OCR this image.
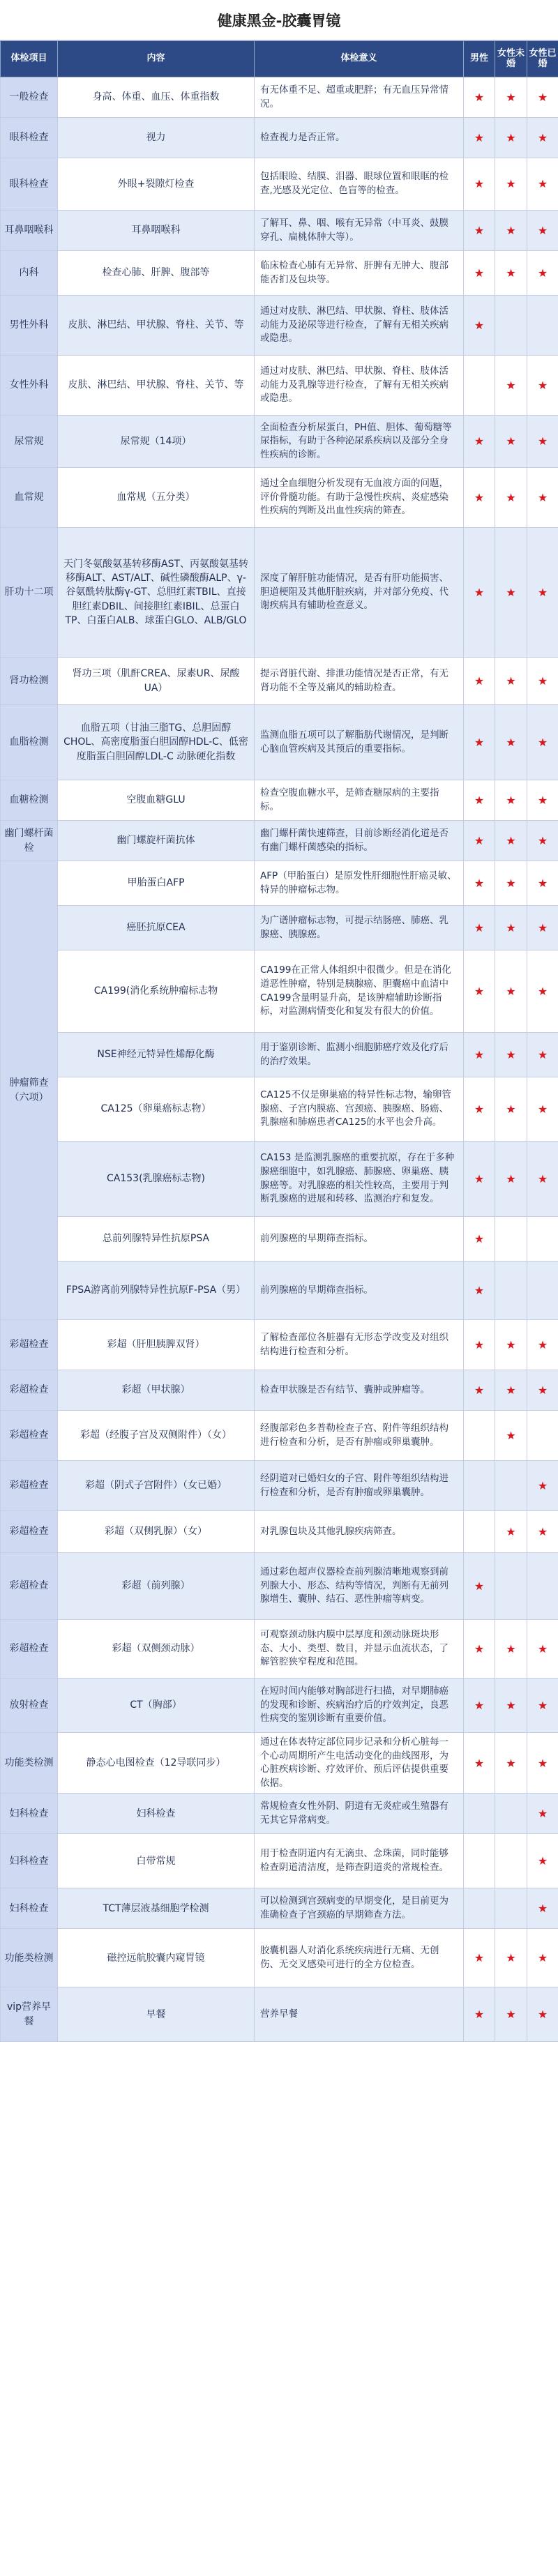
健康黑金-胶囊胃镜
体检项目	内容	体检意义	男性	女性未婚	女性已婚
一般检查	身高、体重、血压、体重指数	有无体重不足、超重或肥胖；有无血压异常情况。	★	★	★
眼科检查	视力	检查视力是否正常。	★	★	★
眼科检查	外眼+裂隙灯检查	包括眼睑、结膜、泪器、眼球位置和眼眶的检查,光感及光定位、色盲等的检查。	★	★	★
耳鼻咽喉科	耳鼻咽喉科	了解耳、鼻、咽、喉有无异常（中耳炎、鼓膜穿孔、扁桃体肿大等）。	★	★	★
内科	检查心肺、肝脾、腹部等	临床检查心肺有无异常、肝脾有无肿大、腹部能否扪及包块等。	★	★	★
男性外科	皮肤、淋巴结、甲状腺、脊柱、关节、等	通过对皮肤、淋巴结、甲状腺、脊柱、肢体活动能力及泌尿等进行检查，了解有无相关疾病或隐患。	★		
女性外科	皮肤、淋巴结、甲状腺、脊柱、关节、等	通过对皮肤、淋巴结、甲状腺、脊柱、肢体活动能力及乳腺等进行检查，了解有无相关疾病或隐患。		★	★
尿常规	尿常规（14项）	全面检查分析尿蛋白，PH值、胆体、葡萄糖等尿指标，有助于各种泌尿系疾病以及部分全身性疾病的诊断。	★	★	★
血常规	血常规（五分类）	通过全血细胞分析发现有无血液方面的问题，评价骨髓功能。有助于急慢性疾病、炎症感染性疾病的判断及出血性疾病的筛查。	★	★	★
肝功十二项	天门冬氨酸氨基转移酶AST、丙氨酸氨基转移酶ALT、AST/ALT、碱性磷酸酶ALP、γ-谷氨酰转肽酶γ-GT、总胆红素TBIL、直接胆红素DBIL、间接胆红素IBIL、总蛋白TP、白蛋白ALB、球蛋白GLO、ALB/GLO	深度了解肝脏功能情况，是否有肝功能损害、胆道梗阻及其他肝脏疾病，并对部分免疫、代谢疾病具有辅助检查意义。	★	★	★
肾功检测	肾功三项（肌酐CREA、尿素UR、尿酸UA）	提示肾脏代谢、排泄功能情况是否正常，有无肾功能不全等及痛风的辅助检查。	★	★	★
血脂检测	血脂五项（甘油三脂TG、总胆固醇CHOL、高密度脂蛋白胆固醇HDL-C、低密度脂蛋白胆固醇LDL-C 动脉硬化指数	监测血脂五项可以了解脂肪代谢情况，是判断心脑血管疾病及其预后的重要指标。	★	★	★
血糖检测	空腹血糖GLU	检查空腹血糖水平，是筛查糖尿病的主要指标。	★	★	★
幽门螺杆菌检	幽门螺旋杆菌抗体	幽门螺杆菌快速筛查，目前诊断经消化道是否有幽门螺杆菌感染的指标。	★	★	★
肿瘤筛查
（六项）	甲胎蛋白AFP	AFP（甲胎蛋白）是原发性肝细胞性肝癌灵敏、特异的肿瘤标志物。	★	★	★
	癌胚抗原CEA	为广谱肿瘤标志物，可提示结肠癌、肺癌、乳腺癌、胰腺癌。	★	★	★
	CA199(消化系统肿瘤标志物	CA199在正常人体组织中很微少。但是在消化道恶性肿瘤，特别是胰腺癌、胆囊癌中血清中CA199含量明显升高，是该肿瘤辅助诊断指标，对监测病情变化和复发有很大的价值。	★	★	★
	NSE神经元特异性烯醇化酶	用于鉴别诊断、监测小细胞肺癌疗效及化疗后的治疗效果。	★	★	★
	CA125（卵巢癌标志物）	CA125不仅是卵巢癌的特异性标志物，输卵管腺癌、子宫内膜癌、宫颈癌、胰腺癌、肠癌、乳腺癌和肺癌患者CA125的水平也会升高。	★	★	★
	CA153(乳腺癌标志物)	CA153 是监测乳腺癌的重要抗原，存在于多种腺癌细胞中，如乳腺癌、肺腺癌、卵巢癌、胰腺癌等。对乳腺癌的相关性较高，主要用于判断乳腺癌的进展和转移、监测治疗和复发。	★	★	★
	总前列腺特异性抗原PSA	前列腺癌的早期筛查指标。	★		
	FPSA游离前列腺特异性抗原F-PSA（男）	前列腺癌的早期筛查指标。	★		
彩超检查	彩超（肝胆胰脾双肾）	了解检查部位各脏器有无形态学改变及对组织结构进行检查和分析。	★	★	★
彩超检查	彩超（甲状腺）	检查甲状腺是否有结节、囊肿或肿瘤等。	★	★	★
彩超检查	彩超（经腹子宫及双侧附件）（女）	经腹部彩色多普勒检查子宫、附件等组织结构进行检查和分析，是否有肿瘤或卵巢囊肿。		★	
彩超检查	彩超（阴式子宫附件）（女已婚）	经阴道对已婚妇女的子宫、附件等组织结构进行检查和分析，是否有肿瘤或卵巢囊肿。			★
彩超检查	彩超（双侧乳腺）（女）	对乳腺包块及其他乳腺疾病筛查。		★	★
彩超检查	彩超（前列腺）	通过彩色超声仪器检查前列腺清晰地观察到前列腺大小、形态、结构等情况，判断有无前列腺增生、囊肿、结石、恶性肿瘤等病变。	★		
彩超检查	彩超（双侧颈动脉）	可观察颈动脉内膜中层厚度和颈动脉斑块形态、大小、类型、数目，并显示血流状态，了解管腔狭窄程度和范围。	★	★	★
放射检查	CT（胸部）	在短时间内能够对胸部进行扫描，对早期肺癌的发现和诊断、疾病治疗后的疗效判定，良恶性病变的鉴别诊断有重要价值。	★	★	★
功能类检测	静态心电图检查（12导联同步）	通过在体表特定部位同步记录和分析心脏每一个心动周期所产生电活动变化的曲线图形，为心脏疾病诊断、疗效评价、预后评估提供重要依据。	★	★	★
妇科检查	妇科检查	常规检查女性外阴、阴道有无炎症或生殖器有无其它异常病变。			★
妇科检查	白带常规	用于检查阴道内有无滴虫、念珠菌，同时能够检查阴道清洁度，是筛查阴道炎的常规检查。			★
妇科检查	TCT薄层液基细胞学检测	可以检测到宫颈病变的早期变化，是目前更为准确检查子宫颈癌的早期筛查方法。			★
功能类检测	磁控远航胶囊内窥胃镜	胶囊机器人对消化系统疾病进行无痛、无创伤、无交叉感染可进行的全方位检查。	★	★	★
vip营养早餐	早餐	营养早餐	★	★	★
